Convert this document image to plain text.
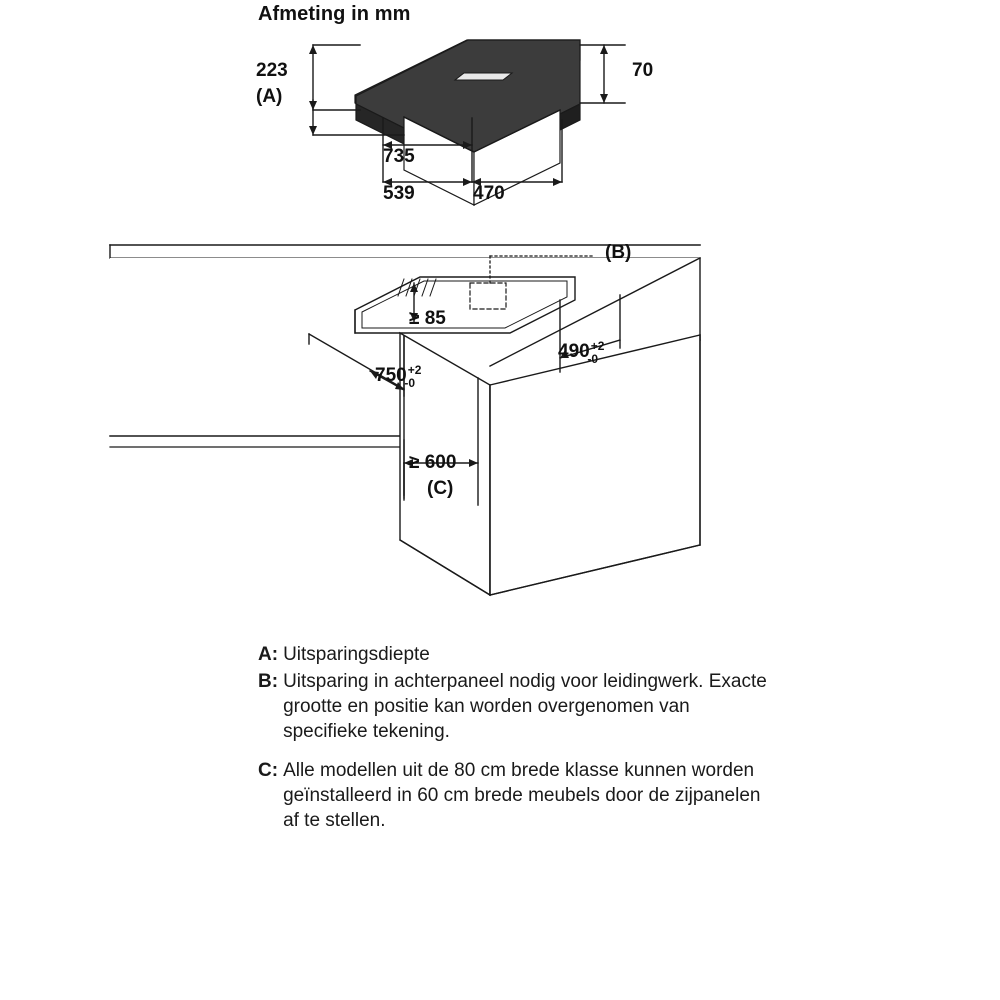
Afmeting in mm
223
(A)
70
735
539	470
(B)
≥ 85
$750^{+2}_{-0}$
$490^{+2}_{-0}$
≥ 600
(C)
A: Uitsparingsdiepte
B: Uitsparing in achterpaneel nodig voor leidingwerk. Exacte grootte en positie kan worden overgenomen van specifieke tekening.
C: Alle modellen uit de 80 cm brede klasse kunnen worden geïnstalleerd in 60 cm brede meubels door de zijpanelen af te stellen.
